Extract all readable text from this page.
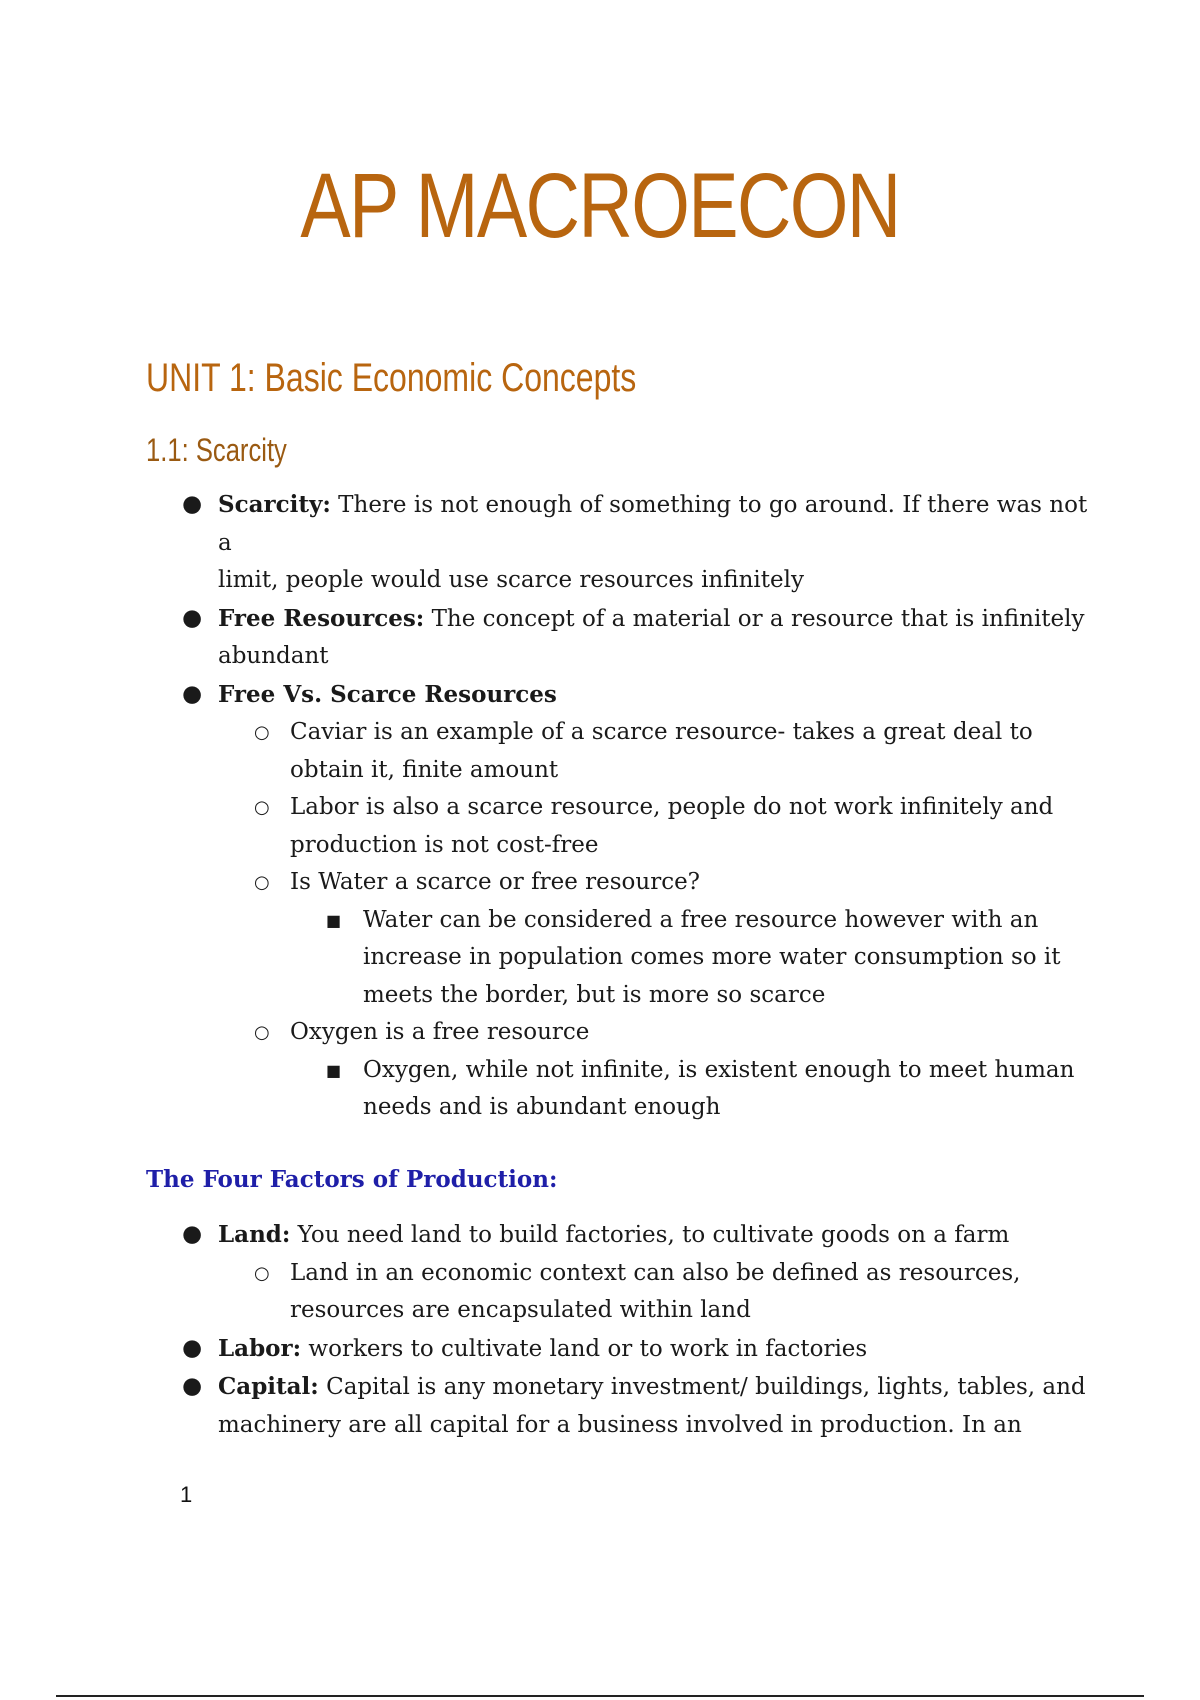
AP MACROECON
UNIT 1: Basic Economic Concepts
1.1: Scarcity
● Scarcity: There is not enough of something to go around. If there was not a
limit, people would use scarce resources infinitely
● Free Resources: The concept of a material or a resource that is infinitely
abundant
● Free Vs. Scarce Resources
○ Caviar is an example of a scarce resource- takes a great deal to
obtain it, finite amount
○ Labor is also a scarce resource, people do not work infinitely and
production is not cost-free
○ Is Water a scarce or free resource?
■ Water can be considered a free resource however with an
increase in population comes more water consumption so it
meets the border, but is more so scarce
○ Oxygen is a free resource
■ Oxygen, while not infinite, is existent enough to meet human
needs and is abundant enough
The Four Factors of Production:
● Land: You need land to build factories, to cultivate goods on a farm
○ Land in an economic context can also be defined as resources,
resources are encapsulated within land
● Labor: workers to cultivate land or to work in factories
● Capital: Capital is any monetary investment/ buildings, lights, tables, and
machinery are all capital for a business involved in production. In an
1
